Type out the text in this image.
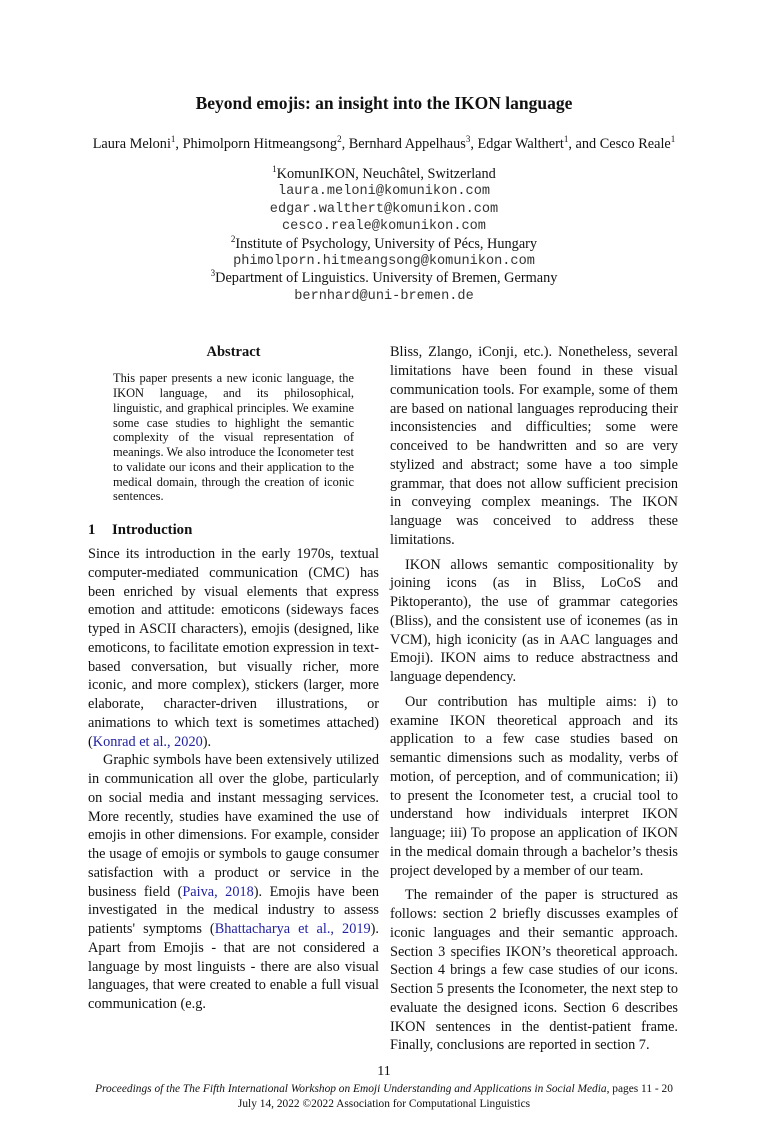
Beyond emojis: an insight into the IKON language
Laura Meloni$^1$, Phimolporn Hitmeangsong$^2$, Bernhard Appelhaus$^3$, Edgar Walthert$^1$, and Cesco Reale$^1$
$^1$KomunIKON, Neuchâtel, Switzerland
laura.meloni@komunikon.com
edgar.walthert@komunikon.com
cesco.reale@komunikon.com
$^2$Institute of Psychology, University of Pécs, Hungary
phimolporn.hitmeangsong@komunikon.com
$^3$Department of Linguistics. University of Bremen, Germany
bernhard@uni-bremen.de
Abstract

This paper presents a new iconic language, the IKON language, and its philosophical, linguistic, and graphical principles. We examine some case studies to highlight the semantic complexity of the visual representation of meanings. We also introduce the Iconometer test to validate our icons and their application to the medical domain, through the creation of iconic sentences.

1 Introduction

Since its introduction in the early 1970s, textual computer-mediated communication (CMC) has been enriched by visual elements that express emotion and attitude: emoticons (sideways faces typed in ASCII characters), emojis (designed, like emoticons, to facilitate emotion expression in text-based conversation, but visually richer, more iconic, and more complex), stickers (larger, more elaborate, character-driven illustrations, or animations to which text is sometimes attached) (Konrad et al., 2020).

Graphic symbols have been extensively utilized in communication all over the globe, particularly on social media and instant messaging services. More recently, studies have examined the use of emojis in other dimensions. For example, consider the usage of emojis or symbols to gauge consumer satisfaction with a product or service in the business field (Paiva, 2018). Emojis have been investigated in the medical industry to assess patients' symptoms (Bhattacharya et al., 2019). Apart from Emojis - that are not considered a language by most linguists - there are also visual languages, that were created to enable a full visual communication (e.g.

Bliss, Zlango, iConji, etc.). Nonetheless, several limitations have been found in these visual communication tools. For example, some of them are based on national languages reproducing their inconsistencies and difficulties; some were conceived to be handwritten and so are very stylized and abstract; some have a too simple grammar, that does not allow sufficient precision in conveying complex meanings. The IKON language was conceived to address these limitations.

IKON allows semantic compositionality by joining icons (as in Bliss, LoCoS and Piktoperanto), the use of grammar categories (Bliss), and the consistent use of iconemes (as in VCM), high iconicity (as in AAC languages and Emoji). IKON aims to reduce abstractness and language dependency.

Our contribution has multiple aims: i) to examine IKON theoretical approach and its application to a few case studies based on semantic dimensions such as modality, verbs of motion, of perception, and of communication; ii) to present the Iconometer test, a crucial tool to understand how individuals interpret IKON language; iii) To propose an application of IKON in the medical domain through a bachelor’s thesis project developed by a member of our team.

The remainder of the paper is structured as follows: section 2 briefly discusses examples of iconic languages and their semantic approach. Section 3 specifies IKON’s theoretical approach. Section 4 brings a few case studies of our icons. Section 5 presents the Iconometer, the next step to evaluate the designed icons. Section 6 describes IKON sentences in the dentist-patient frame. Finally, conclusions are reported in section 7.

11
Proceedings of the The Fifth International Workshop on Emoji Understanding and Applications in Social Media, pages 11 - 20
July 14, 2022 ©2022 Association for Computational Linguistics
